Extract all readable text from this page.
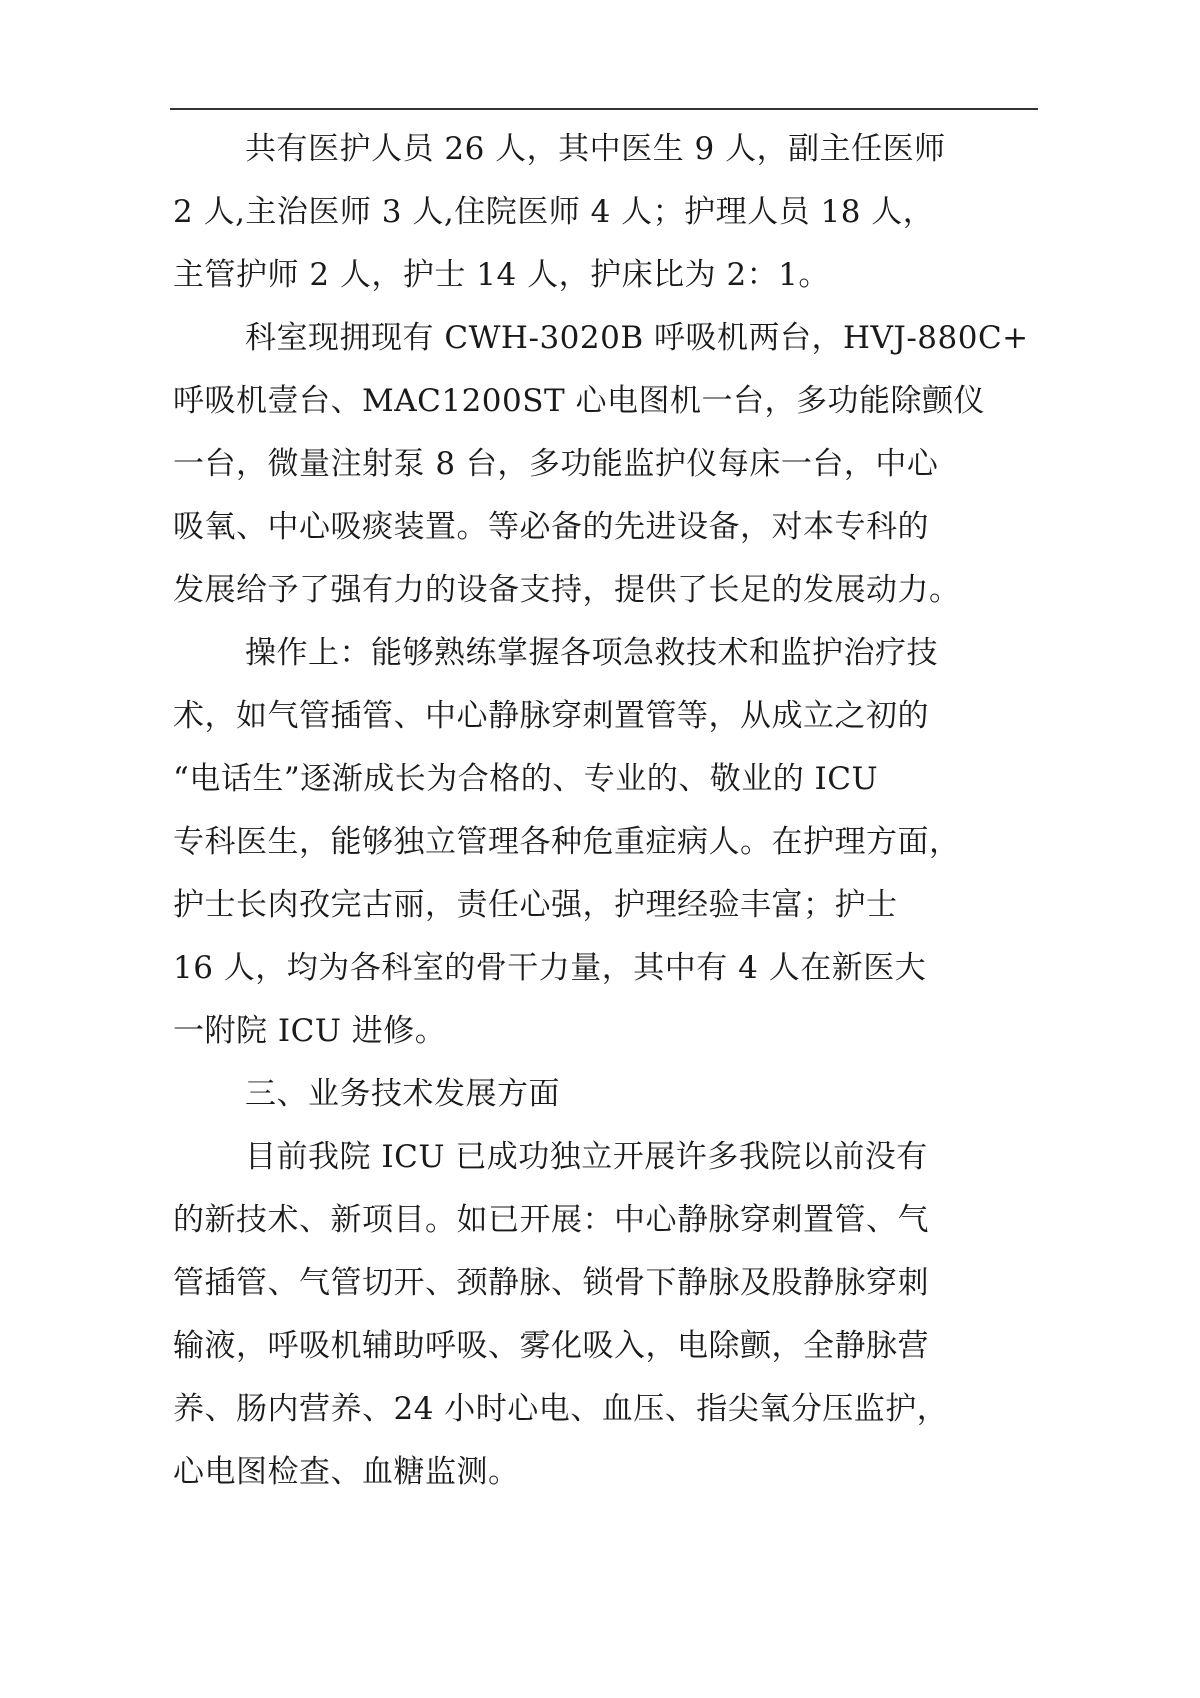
共有医护人员 26 人，其中医生 9 人，副主任医师
2 人,主治医师 3 人,住院医师 4 人；护理人员 18 人，
主管护师 2 人，护士 14 人，护床比为 2：1。
科室现拥现有 CWH-3020B 呼吸机两台，HVJ-880C+
呼吸机壹台、MAC1200ST 心电图机一台，多功能除颤仪
一台，微量注射泵 8 台，多功能监护仪每床一台，中心
吸氧、中心吸痰装置。等必备的先进设备，对本专科的
发展给予了强有力的设备支持，提供了长足的发展动力。
操作上：能够熟练掌握各项急救技术和监护治疗技
术，如气管插管、中心静脉穿刺置管等，从成立之初的
“电话生”逐渐成长为合格的、专业的、敬业的 ICU
专科医生，能够独立管理各种危重症病人。在护理方面，
护士长肉孜完古丽，责任心强，护理经验丰富；护士
16 人，均为各科室的骨干力量，其中有 4 人在新医大
一附院 ICU 进修。
三、业务技术发展方面
目前我院 ICU 已成功独立开展许多我院以前没有
的新技术、新项目。如已开展：中心静脉穿刺置管、气
管插管、气管切开、颈静脉、锁骨下静脉及股静脉穿刺
输液，呼吸机辅助呼吸、雾化吸入，电除颤，全静脉营
养、肠内营养、24 小时心电、血压、指尖氧分压监护，
心电图检查、血糖监测。
